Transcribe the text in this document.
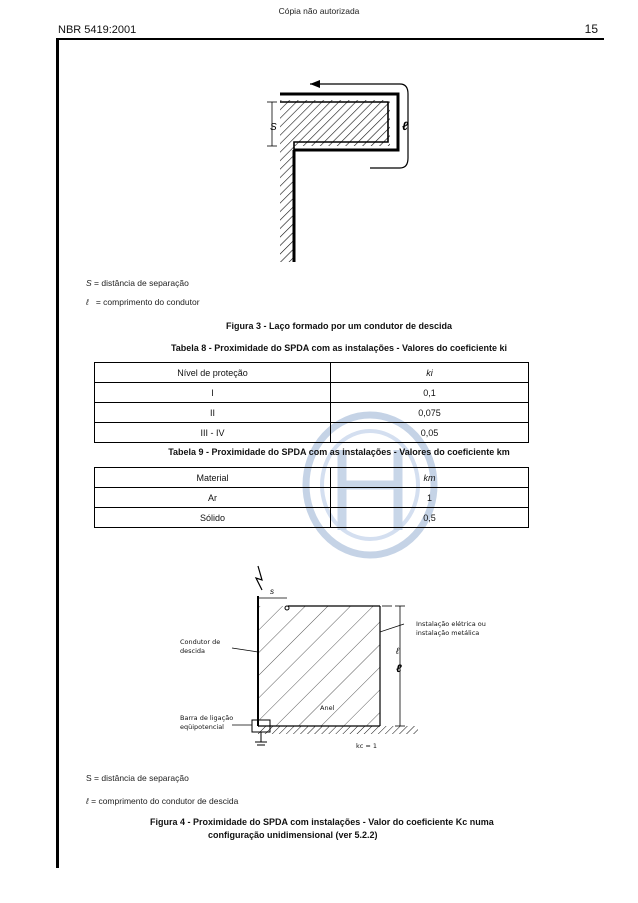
Cópia não autorizada
NBR 5419:2001	15
S	ℓ
S = distância de separação
ℓ = comprimento do condutor
Figura 3 - Laço formado por um condutor de descida
Tabela 8 - Proximidade do SPDA com as instalações - Valores do coeficiente ki
Nível de proteção	ki
I	0,1
II	0,075
III - IV	0,05
Tabela 9 - Proximidade do SPDA com as instalações - Valores do coeficiente km
Material	km
Ar	1
Sólido	0,5
s
ℓ
ℓ
Condutor de
descida
Instalação elétrica ou
instalação metálica
Anel
Barra de ligação
eqüipotencial
kc = 1
S = distância de separação
ℓ = comprimento do condutor de descida
Figura 4 - Proximidade do SPDA com instalações - Valor do coeficiente Kc numa
configuração unidimensional (ver 5.2.2)
